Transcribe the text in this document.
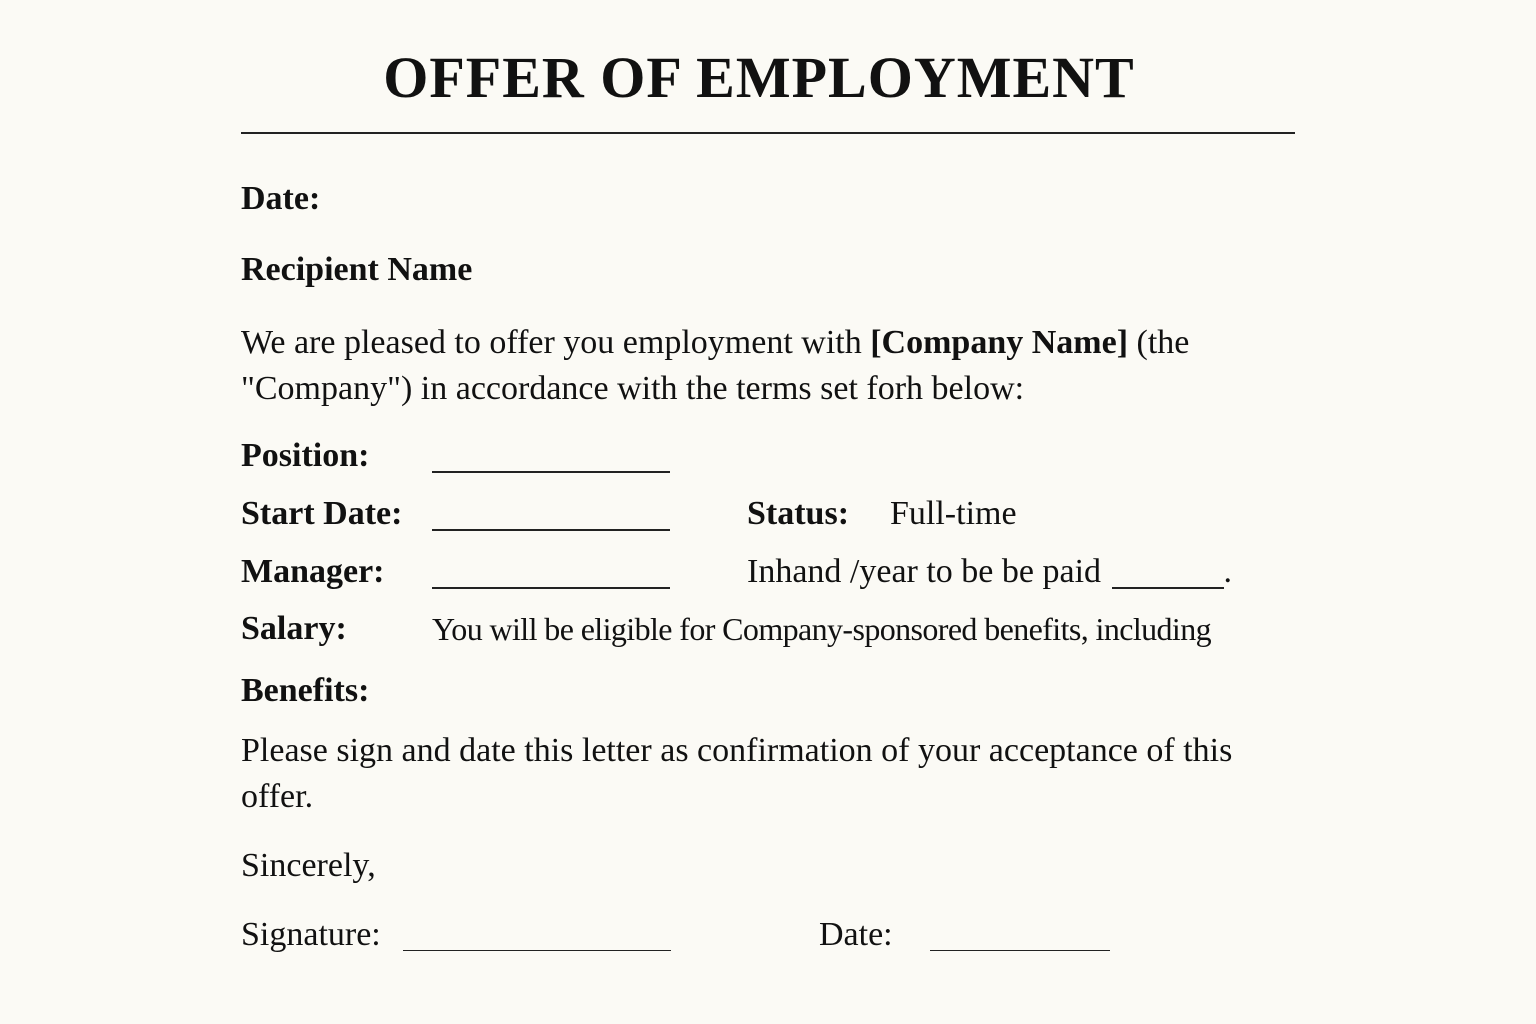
OFFER OF EMPLOYMENT
Date:
Recipient Name
We are pleased to offer you employment with [Company Name] (the "Company") in accordance with the terms set forh below:
Position:
Start Date:	Status: Full-time
Manager:	Inhand /year to be be paid	.
Salary:	You will be eligible for Company-sponsored benefits, including
Benefits:
Please sign and date this letter as confirmation of your acceptance of this offer.
Sincerely,
Signature:	Date:
